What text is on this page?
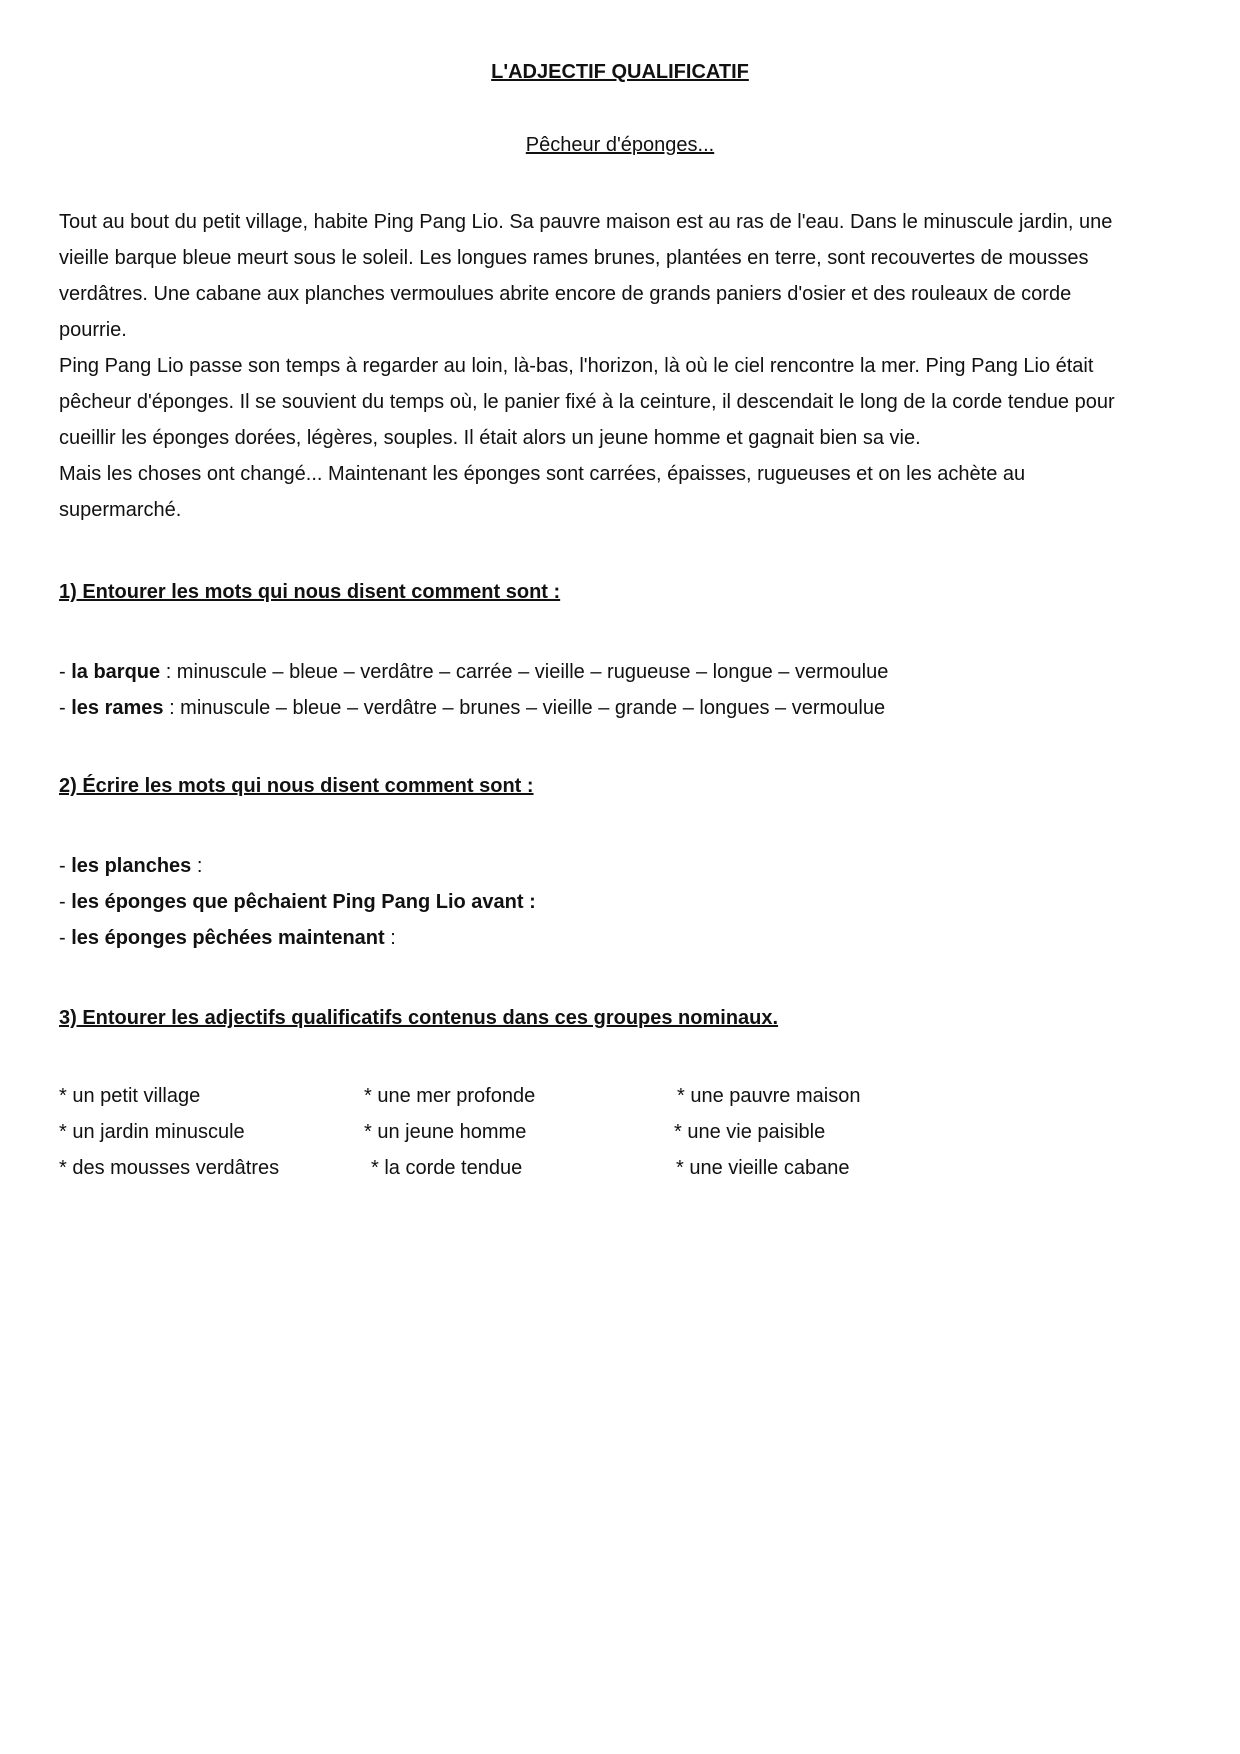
L'ADJECTIF QUALIFICATIF
Pêcheur d'éponges...
Tout au bout du petit village, habite Ping Pang Lio. Sa pauvre maison est au ras de l'eau. Dans le minuscule jardin, une
vieille barque bleue meurt sous le soleil. Les longues rames brunes, plantées en terre, sont recouvertes de mousses
verdâtres. Une cabane aux planches vermoulues abrite encore de grands paniers d'osier et des rouleaux de corde
pourrie.
Ping Pang Lio passe son temps à regarder au loin, là-bas, l'horizon, là où le ciel rencontre la mer. Ping Pang Lio était
pêcheur d'éponges. Il se souvient du temps où, le panier fixé à la ceinture, il descendait le long de la corde tendue pour
cueillir les éponges dorées, légères, souples. Il était alors un jeune homme et gagnait bien sa vie.
Mais les choses ont changé... Maintenant les éponges sont carrées, épaisses, rugueuses et on les achète au
supermarché.
1) Entourer les mots qui nous disent comment sont :
- la barque : minuscule – bleue – verdâtre – carrée – vieille – rugueuse – longue – vermoulue
- les rames : minuscule – bleue – verdâtre – brunes – vieille – grande – longues – vermoulue
2) Écrire les mots qui nous disent comment sont :
- les planches :
- les éponges que pêchaient Ping Pang Lio avant :
- les éponges pêchées maintenant :
3) Entourer les adjectifs qualificatifs contenus dans ces groupes nominaux.
* un petit village	* une mer profonde	* une pauvre maison
* un jardin minuscule	* un jeune homme	* une vie paisible
* des mousses verdâtres	* la corde tendue	* une vieille cabane
